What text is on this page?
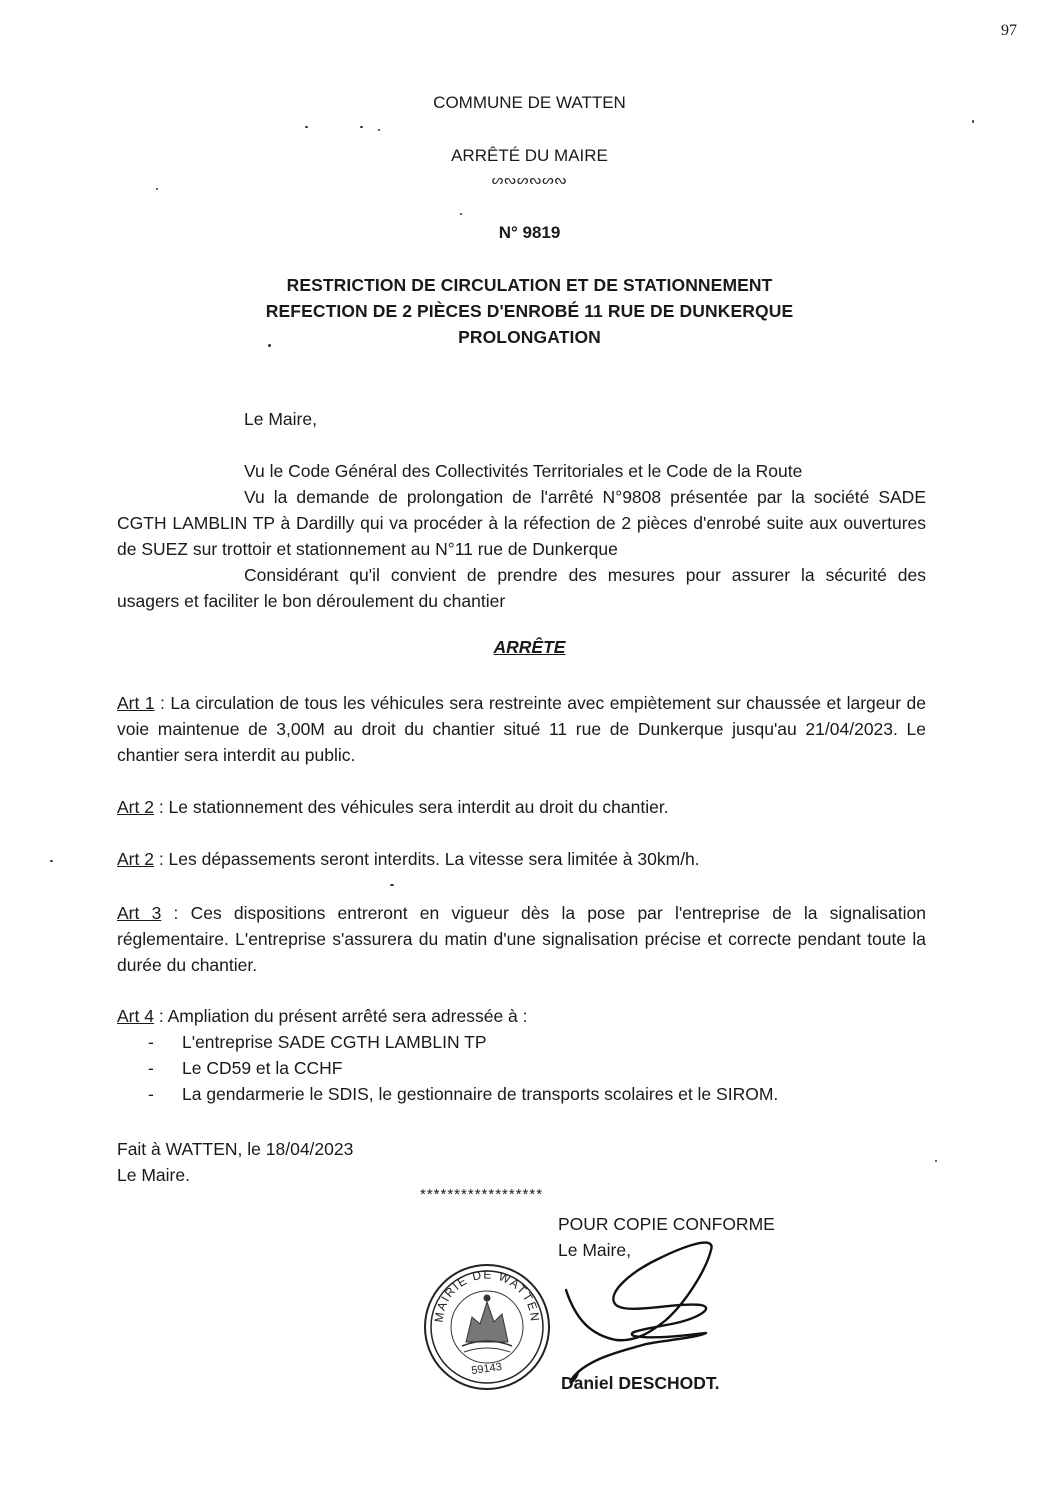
97
COMMUNE DE WATTEN
ARRÊTÉ DU MAIRE
ᔕᔓᔕᔓᔕᔓ
N° 9819
RESTRICTION DE CIRCULATION ET DE STATIONNEMENT
REFECTION DE 2 PIÈCES D'ENROBÉ 11 RUE DE DUNKERQUE
PROLONGATION
Le Maire,
Vu le Code Général des Collectivités Territoriales et le Code de la Route
Vu la demande de prolongation de l'arrêté N°9808 présentée par la société SADE CGTH LAMBLIN TP à Dardilly qui va procéder à la réfection de 2 pièces d'enrobé suite aux ouvertures de SUEZ sur trottoir et stationnement au N°11 rue de Dunkerque
Considérant qu'il convient de prendre des mesures pour assurer la sécurité des usagers et faciliter le bon déroulement du chantier
ARRÊTE
Art 1 : La circulation de tous les véhicules sera restreinte avec empiètement sur chaussée et largeur de voie maintenue de 3,00M au droit du chantier situé 11 rue de Dunkerque jusqu'au 21/04/2023. Le chantier sera interdit au public.
Art 2 : Le stationnement des véhicules sera interdit au droit du chantier.
Art 2 : Les dépassements seront interdits. La vitesse sera limitée à 30km/h.
Art 3 : Ces dispositions entreront en vigueur dès la pose par l'entreprise de la signalisation réglementaire. L'entreprise s'assurera du matin d'une signalisation précise et correcte pendant toute la durée du chantier.
Art 4 : Ampliation du présent arrêté sera adressée à :
- L'entreprise SADE CGTH LAMBLIN TP
- Le CD59 et la CCHF
- La gendarmerie le SDIS, le gestionnaire de transports scolaires et le SIROM.
Fait à WATTEN, le 18/04/2023
Le Maire.
******************
POUR COPIE CONFORME
Le Maire,
MAIRIE DE WATTEN
59143
Daniel DESCHODT.
